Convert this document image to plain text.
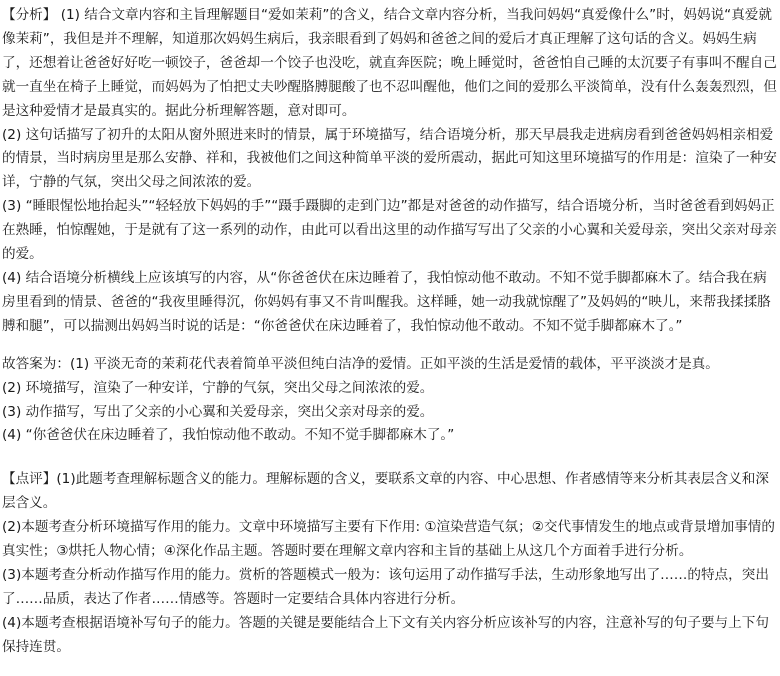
【分析】 (1) 结合文章内容和主旨理解题目“爱如茉莉”的含义，结合文章内容分析，当我问妈妈“真爱像什么”时，妈妈说“真爱就像茉莉”，我但是并不理解，知道那次妈妈生病后，我亲眼看到了妈妈和爸爸之间的爱后才真正理解了这句话的含义。妈妈生病了，还想着让爸爸好好吃一顿饺子，爸爸却一个饺子也没吃，就直奔医院；晚上睡觉时，爸爸怕自己睡的太沉要子有事叫不醒自己就一直坐在椅子上睡觉，而妈妈为了怕把丈夫吵醒胳膊腿酸了也不忍叫醒他，他们之间的爱那么平淡简单，没有什么轰轰烈烈，但是这种爱情才是最真实的。据此分析理解答题，意对即可。

(2) 这句话描写了初升的太阳从窗外照进来时的情景，属于环境描写，结合语境分析，那天早晨我走进病房看到爸爸妈妈相亲相爱的情景，当时病房里是那么安静、祥和，我被他们之间这种简单平淡的爱所震动，据此可知这里环境描写的作用是：渲染了一种安详，宁静的气氛，突出父母之间浓浓的爱。

(3) “睡眼惺忪地抬起头”“轻轻放下妈妈的手”“蹑手蹑脚的走到门边”都是对爸爸的动作描写，结合语境分析，当时爸爸看到妈妈正在熟睡，怕惊醒她，于是就有了这一系列的动作，由此可以看出这里的动作描写写出了父亲的小心翼和关爱母亲，突出父亲对母亲的爱。

(4) 结合语境分析横线上应该填写的内容，从“你爸爸伏在床边睡着了，我怕惊动他不敢动。不知不觉手脚都麻木了。结合我在病房里看到的情景、爸爸的“我夜里睡得沉，你妈妈有事又不肯叫醒我。这样睡，她一动我就惊醒了”及妈妈的“映儿，来帮我揉揉胳膊和腿”，可以揣测出妈妈当时说的话是：“你爸爸伏在床边睡着了，我怕惊动他不敢动。不知不觉手脚都麻木了。”

故答案为：(1) 平淡无奇的茉莉花代表着简单平淡但纯白洁净的爱情。正如平淡的生活是爱情的载体，平平淡淡才是真。

(2) 环境描写，渲染了一种安详，宁静的气氛，突出父母之间浓浓的爱。

(3) 动作描写，写出了父亲的小心翼和关爱母亲，突出父亲对母亲的爱。

(4) “你爸爸伏在床边睡着了，我怕惊动他不敢动。不知不觉手脚都麻木了。”

【点评】(1)此题考查理解标题含义的能力。理解标题的含义，要联系文章的内容、中心思想、作者感情等来分析其表层含义和深层含义。

(2)本题考查分析环境描写作用的能力。文章中环境描写主要有下作用: ①渲染营造气氛；②交代事情发生的地点或背景增加事情的真实性；③烘托人物心情；④深化作品主题。答题时要在理解文章内容和主旨的基础上从这几个方面着手进行分析。

(3)本题考查分析动作描写作用的能力。赏析的答题模式一般为：该句运用了动作描写手法，生动形象地写出了……的特点，突出了……品质，表达了作者……情感等。答题时一定要结合具体内容进行分析。

(4)本题考查根据语境补写句子的能力。答题的关键是要能结合上下文有关内容分析应该补写的内容，注意补写的句子要与上下句保持连贯。
